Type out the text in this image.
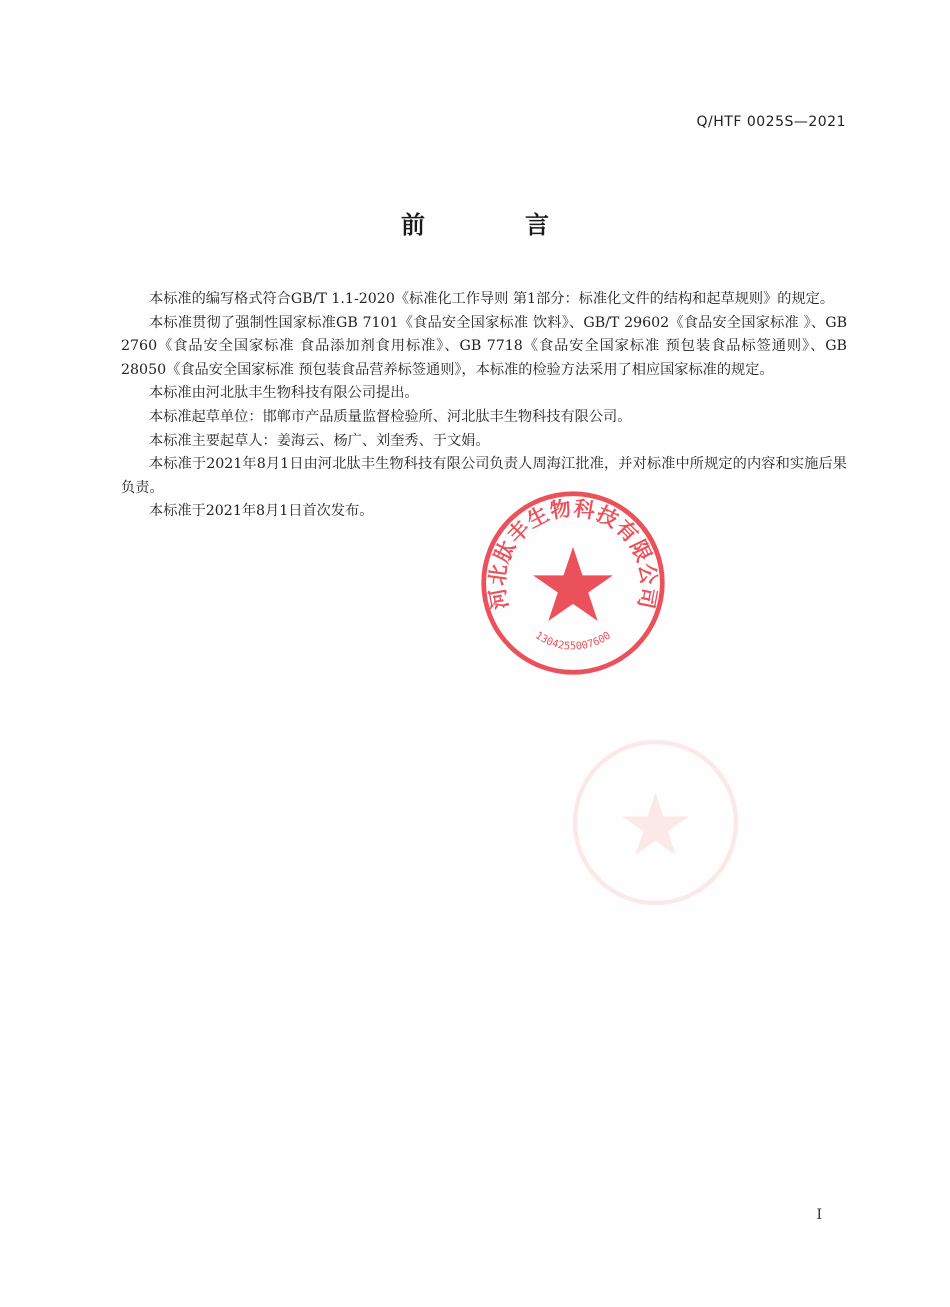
Q/HTF 0025S—2021
前言

本标准的编写格式符合GB/T 1.1-2020《标准化工作导则 第1部分：标准化文件的结构和起草规则》的规定。

本标准贯彻了强制性国家标准GB 7101《食品安全国家标准 饮料》、GB/T 29602《食品安全国家标准 》、GB 2760《食品安全国家标准 食品添加剂食用标准》、GB 7718《食品安全国家标准 预包装食品标签通则》、GB 28050《食品安全国家标准 预包装食品营养标签通则》，本标准的检验方法采用了相应国家标准的规定。

本标准由河北肽丰生物科技有限公司提出。

本标准起草单位：邯郸市产品质量监督检验所、河北肽丰生物科技有限公司。

本标准主要起草人：姜海云、杨广、刘奎秀、于文娟。

本标准于2021年8月1日由河北肽丰生物科技有限公司负责人周海江批准，并对标准中所规定的内容和实施后果负责。

本标准于2021年8月1日首次发布。

河北肽丰生物科技有限公司
1304255007600
I
